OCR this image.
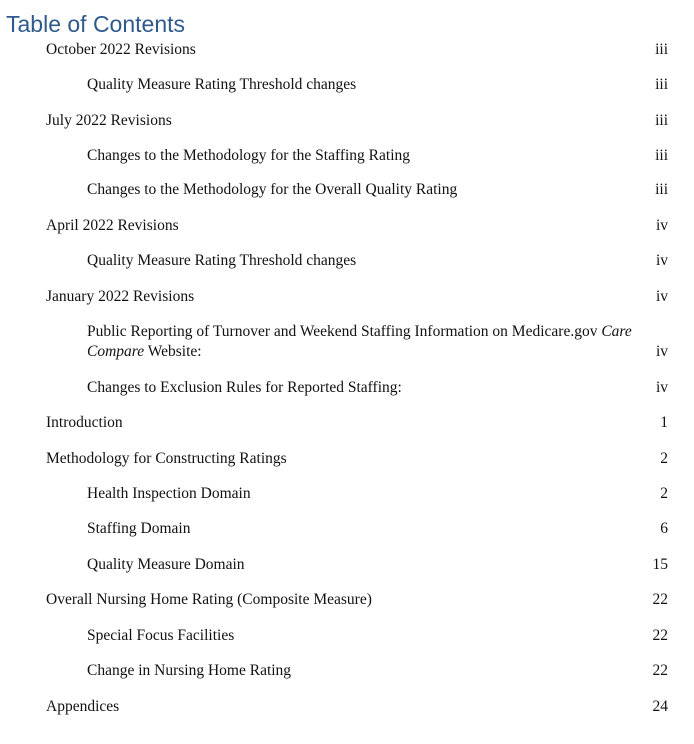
Table of Contents
October 2022 Revisions	iii
Quality Measure Rating Threshold changes	iii
July 2022 Revisions	iii
Changes to the Methodology for the Staffing Rating	iii
Changes to the Methodology for the Overall Quality Rating	iii
April 2022 Revisions	iv
Quality Measure Rating Threshold changes	iv
January 2022 Revisions	iv
Public Reporting of Turnover and Weekend Staffing Information on Medicare.gov Care
Compare Website:	iv
Changes to Exclusion Rules for Reported Staffing:	iv
Introduction	1
Methodology for Constructing Ratings	2
Health Inspection Domain	2
Staffing Domain	6
Quality Measure Domain	15
Overall Nursing Home Rating (Composite Measure)	22
Special Focus Facilities	22
Change in Nursing Home Rating	22
Appendices	24
